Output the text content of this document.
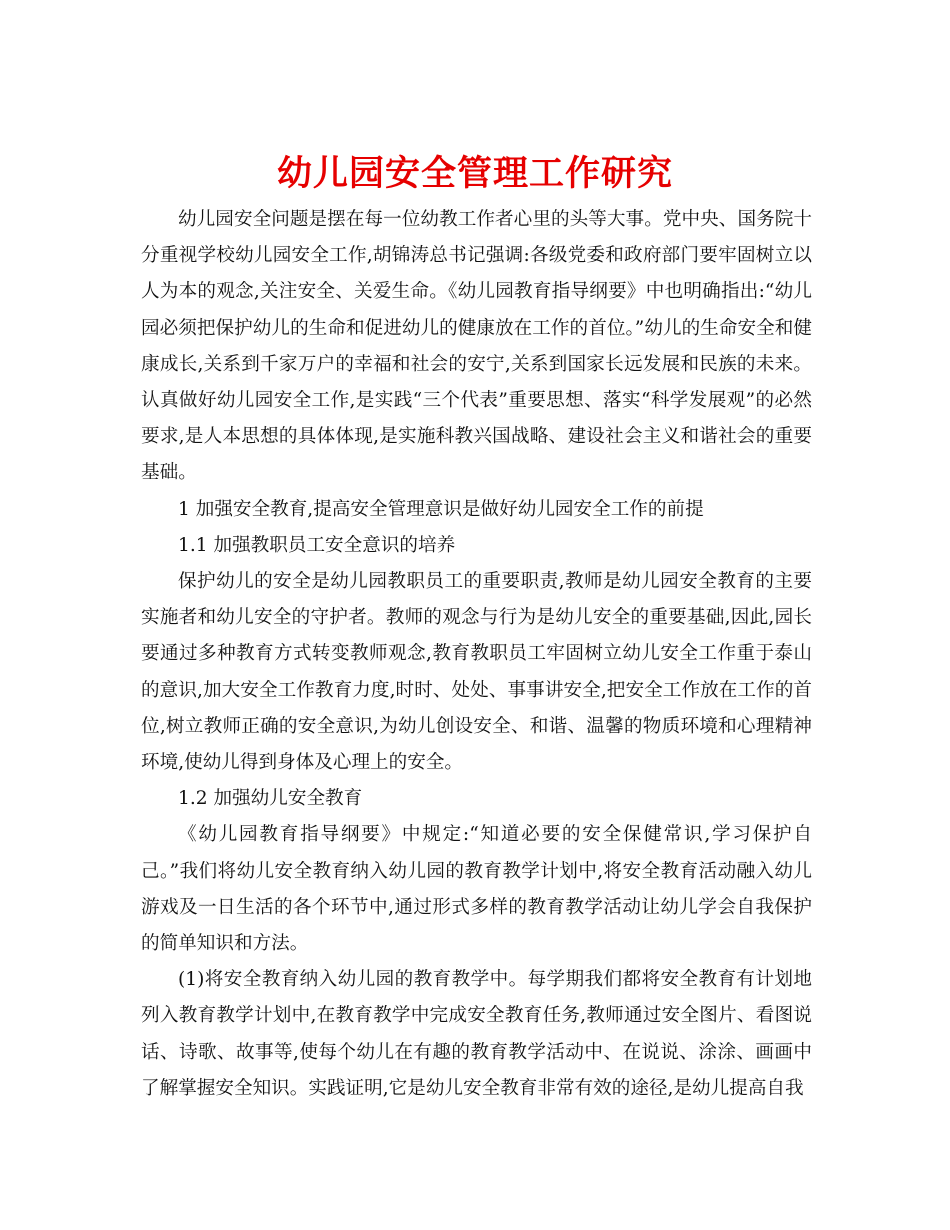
幼儿园安全管理工作研究

幼儿园安全问题是摆在每一位幼教工作者心里的头等大事。党中央、国务院十分重视学校幼儿园安全工作,胡锦涛总书记强调:各级党委和政府部门要牢固树立以人为本的观念,关注安全、关爱生命。《幼儿园教育指导纲要》中也明确指出:“幼儿园必须把保护幼儿的生命和促进幼儿的健康放在工作的首位。”幼儿的生命安全和健康成长,关系到千家万户的幸福和社会的安宁,关系到国家长远发展和民族的未来。认真做好幼儿园安全工作,是实践“三个代表”重要思想、落实“科学发展观”的必然要求,是人本思想的具体体现,是实施科教兴国战略、建设社会主义和谐社会的重要基础。

1 加强安全教育,提高安全管理意识是做好幼儿园安全工作的前提

1.1 加强教职员工安全意识的培养

保护幼儿的安全是幼儿园教职员工的重要职责,教师是幼儿园安全教育的主要实施者和幼儿安全的守护者。教师的观念与行为是幼儿安全的重要基础,因此,园长要通过多种教育方式转变教师观念,教育教职员工牢固树立幼儿安全工作重于泰山的意识,加大安全工作教育力度,时时、处处、事事讲安全,把安全工作放在工作的首位,树立教师正确的安全意识,为幼儿创设安全、和谐、温馨的物质环境和心理精神环境,使幼儿得到身体及心理上的安全。

1.2 加强幼儿安全教育

《幼儿园教育指导纲要》中规定:“知道必要的安全保健常识,学习保护自己。”我们将幼儿安全教育纳入幼儿园的教育教学计划中,将安全教育活动融入幼儿游戏及一日生活的各个环节中,通过形式多样的教育教学活动让幼儿学会自我保护的简单知识和方法。

(1)将安全教育纳入幼儿园的教育教学中。每学期我们都将安全教育有计划地列入教育教学计划中,在教育教学中完成安全教育任务,教师通过安全图片、看图说话、诗歌、故事等,使每个幼儿在有趣的教育教学活动中、在说说、涂涂、画画中了解掌握安全知识。实践证明,它是幼儿安全教育非常有效的途径,是幼儿提高自我
